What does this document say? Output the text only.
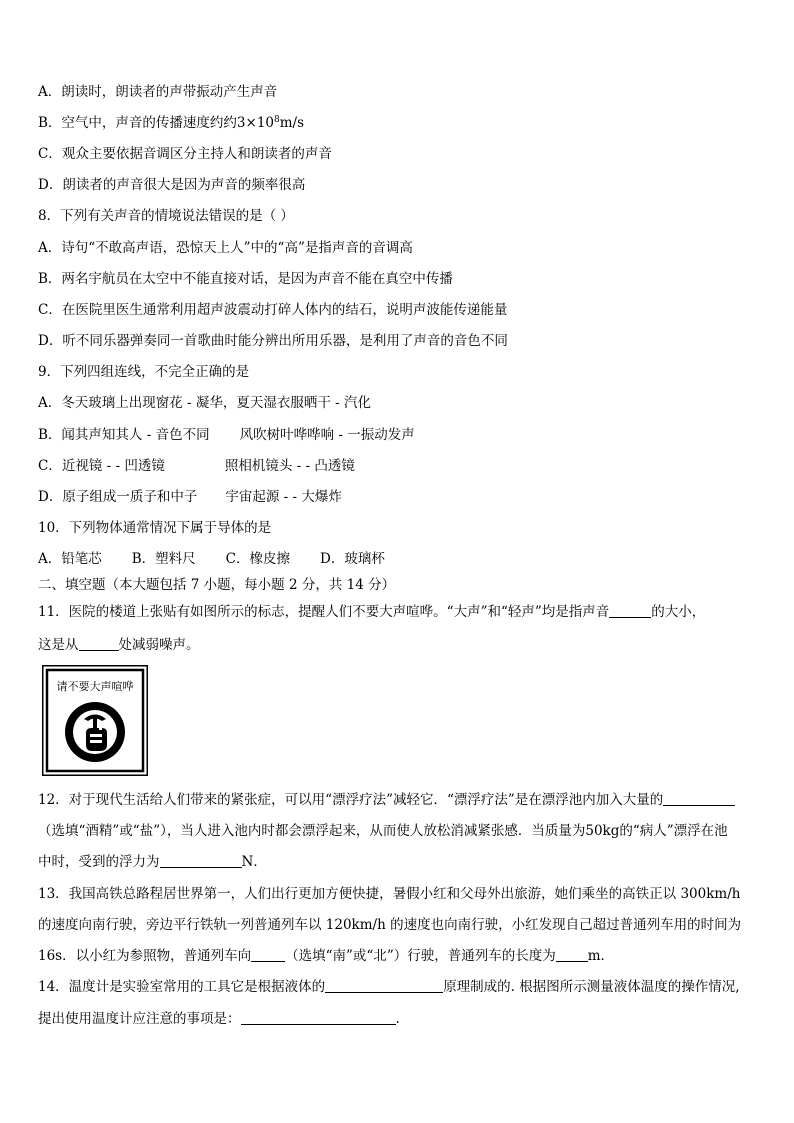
A．朗读时，朗读者的声带振动产生声音
B．空气中，声音的传播速度约约$3\times 10^8m/s$
C．观众主要依据音调区分主持人和朗读者的声音
D．朗读者的声音很大是因为声音的频率很高
8．下列有关声音的情境说法错误的是（ ）
A．诗句“不敢高声语，恐惊天上人”中的“高”是指声音的音调高
B．两名宇航员在太空中不能直接对话，是因为声音不能在真空中传播
C．在医院里医生通常利用超声波震动打碎人体内的结石，说明声波能传递能量
D．听不同乐器弹奏同一首歌曲时能分辨出所用乐器，是利用了声音的音色不同
9．下列四组连线，不完全正确的是
A．冬天玻璃上出现窗花 - 凝华，夏天湿衣服晒干 - 汽化
B．闻其声知其人 - 音色不同 风吹树叶哗哗响 - 一振动发声
C．近视镜 - - 凹透镜	照相机镜头 - - 凸透镜
D．原子组成一质子和中子 宇宙起源 - - 大爆炸
10．下列物体通常情况下属于导体的是
A．铅笔芯 B．塑料尺 C．橡皮擦 D．玻璃杯
二、填空题（本大题包括 7 小题，每小题 2 分，共 14 分）
11．医院的楼道上张贴有如图所示的标志，提醒人们不要大声喧哗。“大声”和“轻声”均是指声音	的大小，
这是从	处减弱噪声。
请不要大声喧哗
12．对于现代生活给人们带来的紧张症，可以用“漂浮疗法”减轻它．“漂浮疗法”是在漂浮池内加入大量的
（选填“酒精”或“盐”），当人进入池内时都会漂浮起来，从而使人放松消减紧张感．当质量为50kg的“病人”漂浮在池
中时，受到的浮力为	N．
13．我国高铁总路程居世界第一，人们出行更加方便快捷，暑假小红和父母外出旅游，她们乘坐的高铁正以 300km/h
的速度向南行驶，旁边平行铁轨一列普通列车以 120km/h 的速度也向南行驶，小红发现自己超过普通列车用的时间为
16s．以小红为参照物，普通列车向	（选填“南”或“北”）行驶，普通列车的长度为 m．
14．温度计是实验室常用的工具它是根据液体的	原理制成的. 根据图所示测量液体温度的操作情况,
提出使用温度计应注意的事项是：	.
